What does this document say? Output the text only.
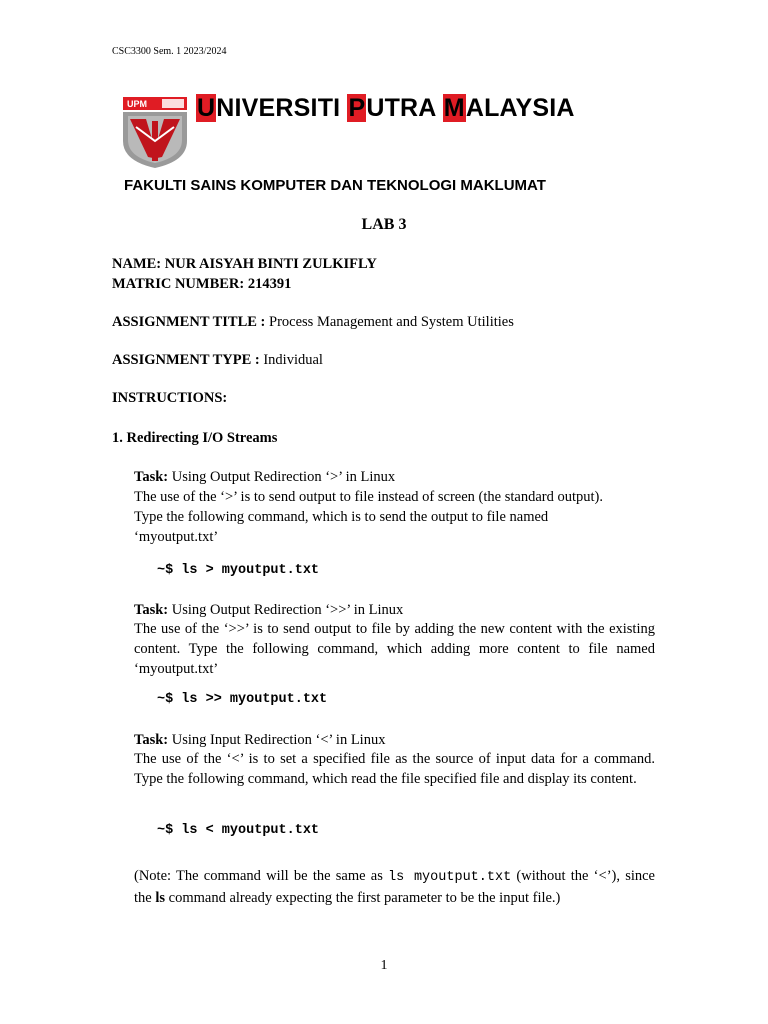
CSC3300 Sem. 1 2023/2024
UPM UNIVERSITI PUTRA MALAYSIA
FAKULTI SAINS KOMPUTER DAN TEKNOLOGI MAKLUMAT
LAB 3
NAME: NUR AISYAH BINTI ZULKIFLY
MATRIC NUMBER: 214391
ASSIGNMENT TITLE : Process Management and System Utilities
ASSIGNMENT TYPE : Individual
INSTRUCTIONS:
1. Redirecting I/O Streams
Task: Using Output Redirection ‘>’ in Linux
The use of the ‘>’ is to send output to file instead of screen (the standard output). Type the following command, which is to send the output to file named ‘myoutput.txt’
~$ ls > myoutput.txt
Task: Using Output Redirection ‘>>’ in Linux
The use of the ‘>>’ is to send output to file by adding the new content with the existing content. Type the following command, which adding more content to file named ‘myoutput.txt’
~$ ls >> myoutput.txt
Task: Using Input Redirection ‘<’ in Linux
The use of the ‘<’ is to set a specified file as the source of input data for a command. Type the following command, which read the file specified file and display its content.
~$ ls < myoutput.txt
(Note: The command will be the same as ls myoutput.txt (without the ‘<’), since the ls command already expecting the first parameter to be the input file.)
1
